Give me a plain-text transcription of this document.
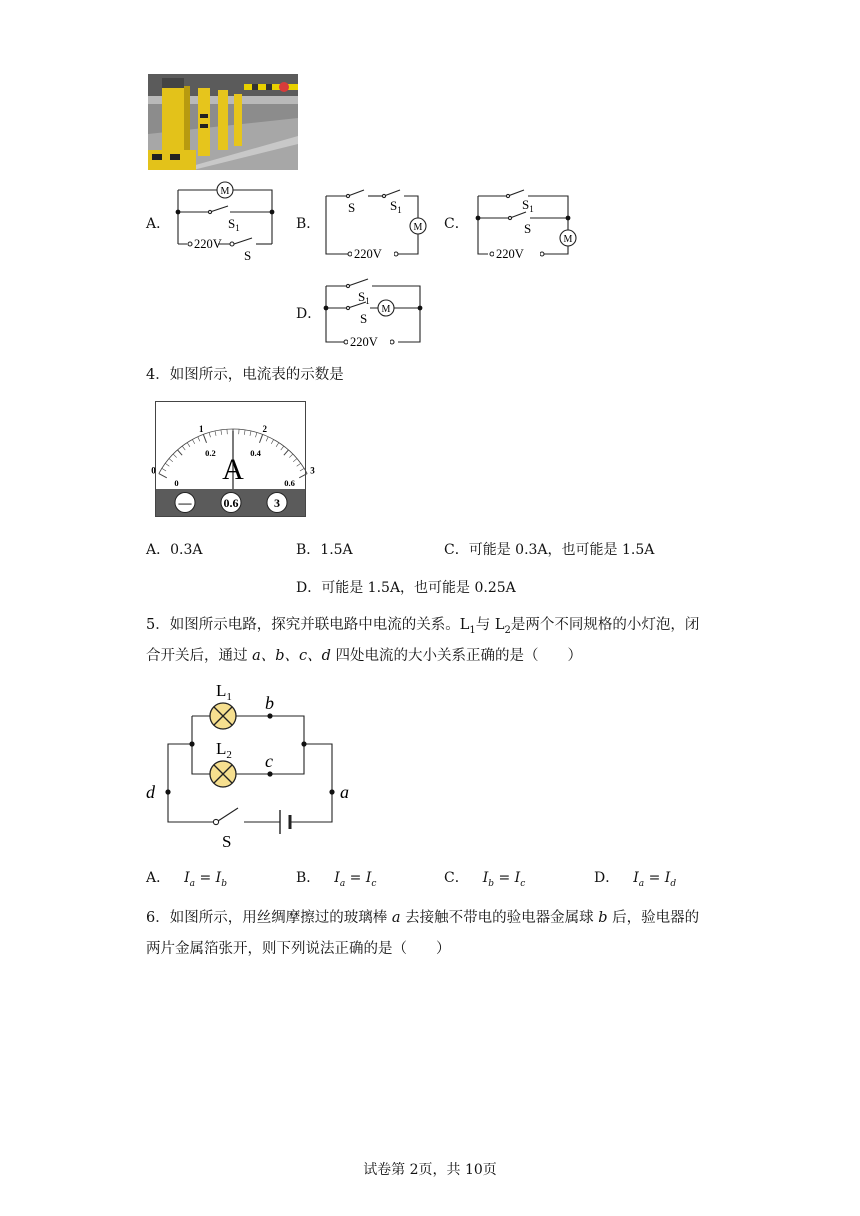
A．	B．	C．
D．
M
$S_1$
220V
S
M
S	$S_1$
220V
M
$S_1$
S
220V
M
$S_1$
S
220V
4．如图所示，电流表的示数是
0
1	2
3
0
0.2	0.4
0.6
A
—	0.6	3
A．0.3A	B．1.5A	C．可能是 0.3A，也可能是 1.5A
D．可能是 1.5A，也可能是 0.25A
5．如图所示电路，探究并联电路中电流的关系。$L_1$与 $L_2$是两个不同规格的小灯泡，闭
合开关后，通过 a、b、c、d 四处电流的大小关系正确的是（　　）
$L_1$
$L_2$
b
c
d	a
S
A． $I_a = I_b$	B． $I_a = I_c$	C． $I_b = I_c$	D． $I_a = I_d$
6．如图所示，用丝绸摩擦过的玻璃棒 a 去接触不带电的验电器金属球 b 后，验电器的
两片金属箔张开，则下列说法正确的是（　　）
试卷第 2页，共 10页
